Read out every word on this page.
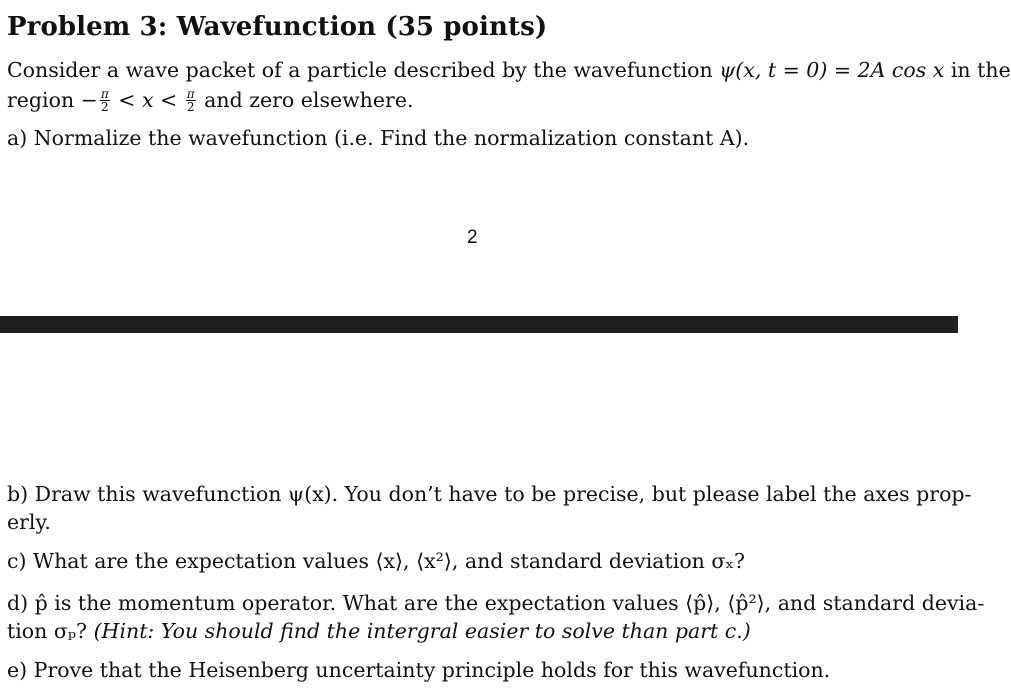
Problem 3: Wavefunction (35 points)
Consider a wave packet of a particle described by the wavefunction ψ(x, t = 0) = 2A cos x in the
region − $\frac{\pi}{2} < x < \frac{\pi}{2}$ and zero elsewhere.
a) Normalize the wavefunction (i.e. Find the normalization constant A).
2
b) Draw this wavefunction ψ(x). You don’t have to be precise, but please label the axes prop-
erly.
c) What are the expectation values ⟨x⟩, ⟨x²⟩, and standard deviation σₓ?
d) p̂ is the momentum operator. What are the expectation values ⟨p̂⟩, ⟨p̂²⟩, and standard devia-
tion σₚ? (Hint: You should find the intergral easier to solve than part c.)
e) Prove that the Heisenberg uncertainty principle holds for this wavefunction.
